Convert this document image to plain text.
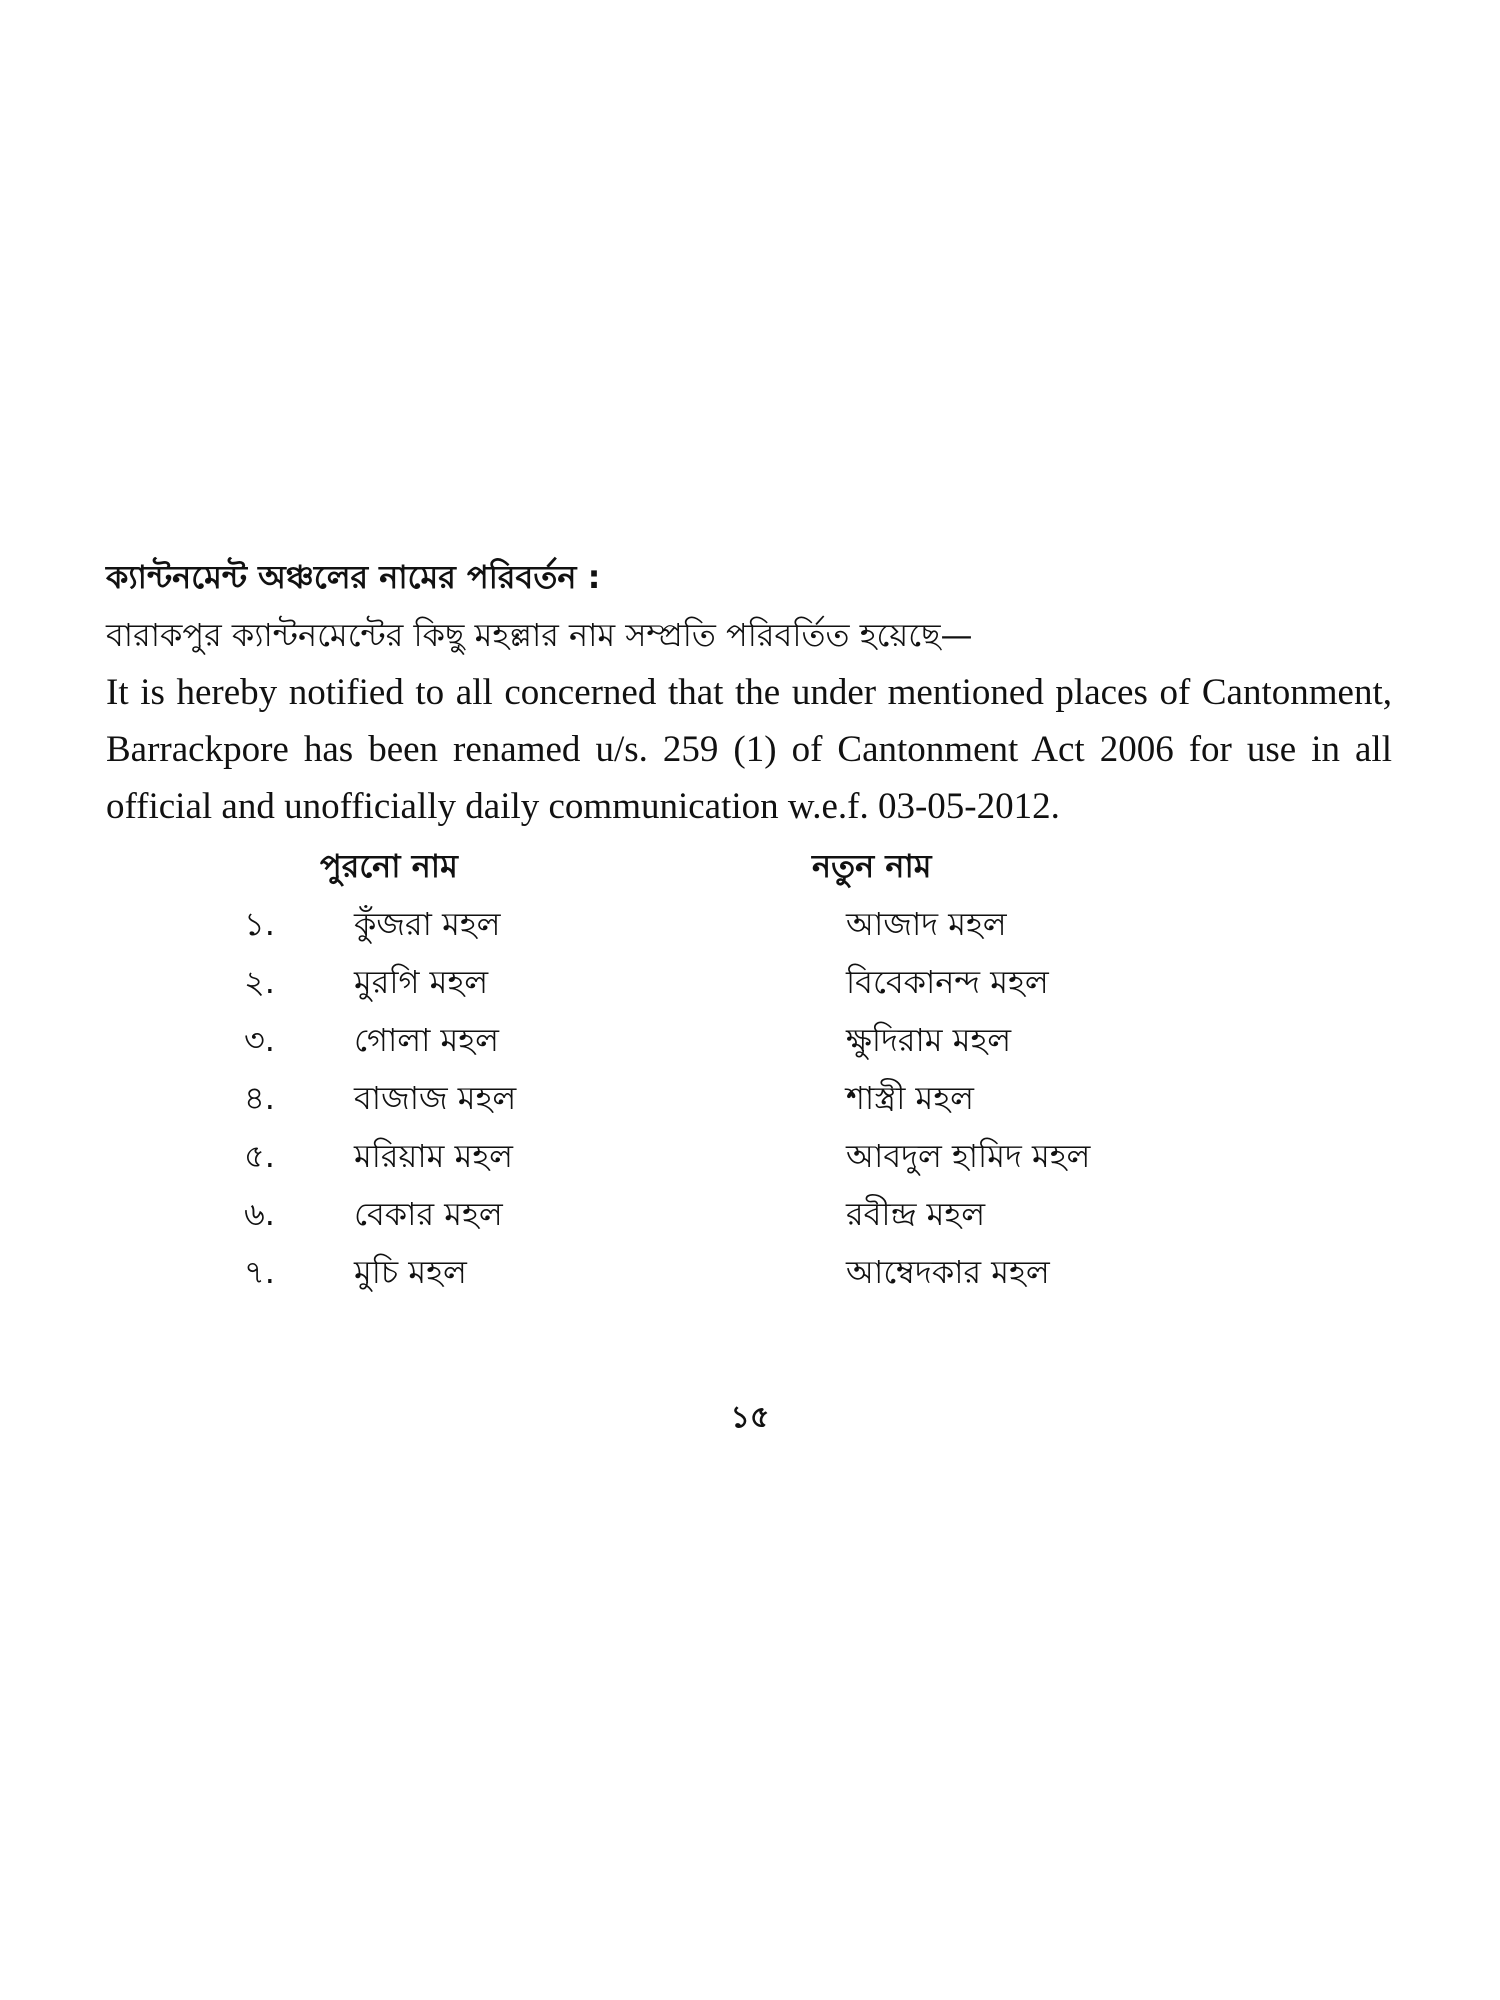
ক্যান্টনমেন্ট অঞ্চলের নামের পরিবর্তন :

বারাকপুর ক্যান্টনমেন্টের কিছু মহল্লার নাম সম্প্রতি পরিবর্তিত হয়েছে—

It is hereby notified to all concerned that the under mentioned places of Cantonment, Barrackpore has been renamed u/s. 259 (1) of Cantonment Act 2006 for use in all official and unofficially daily communication w.e.f. 03-05-2012.

পুরনো নাম	নতুন নাম
১.	কুঁজরা মহল	আজাদ মহল
২.	মুরগি মহল	বিবেকানন্দ মহল
৩.	গোলা মহল	ক্ষুদিরাম মহল
৪.	বাজাজ মহল	শাস্ত্রী মহল
৫.	মরিয়াম মহল	আবদুল হামিদ মহল
৬.	বেকার মহল	রবীন্দ্র মহল
৭.	মুচি মহল	আম্বেদকার মহল
১৫
